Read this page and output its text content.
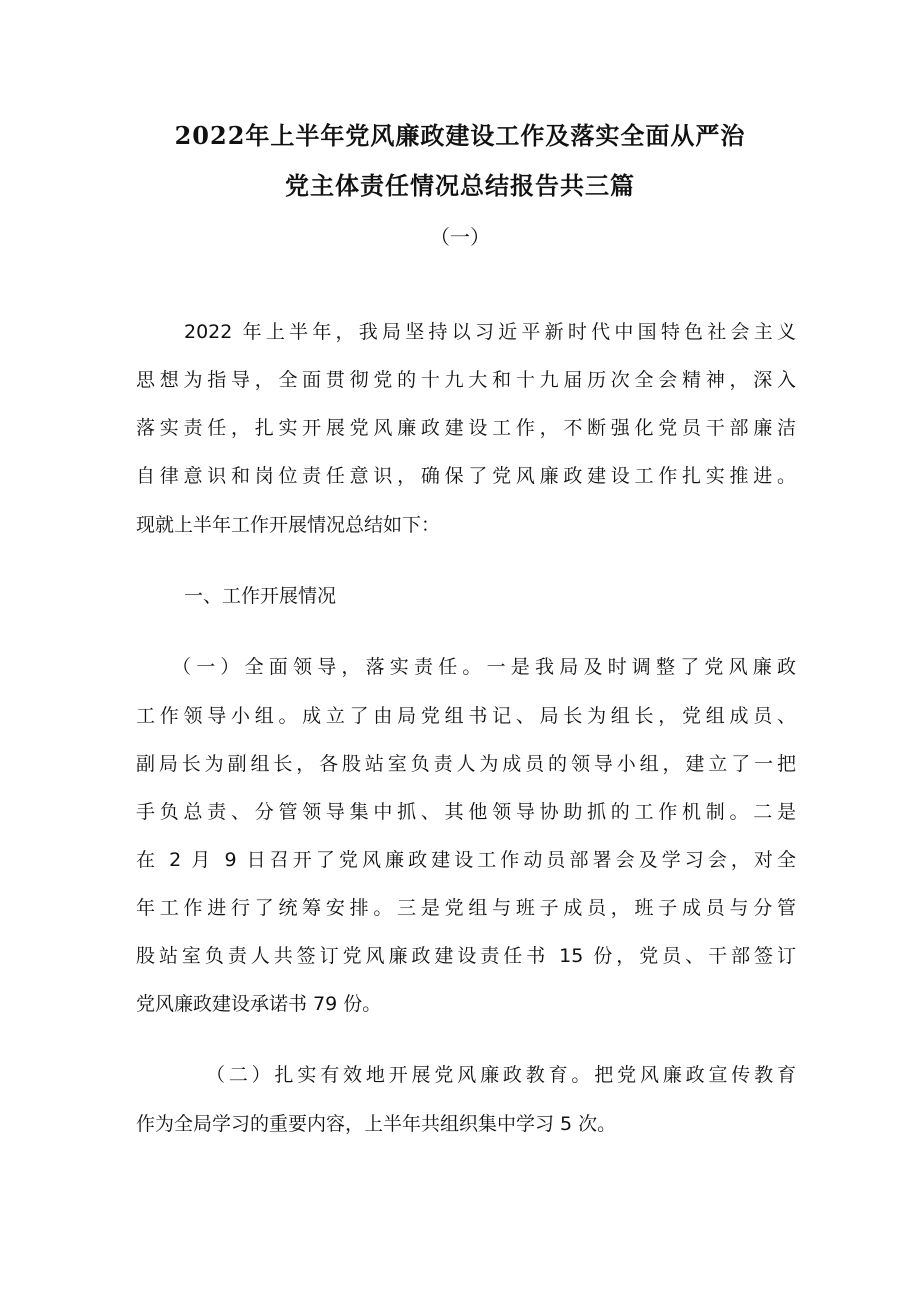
2022年上半年党风廉政建设工作及落实全面从严治
党主体责任情况总结报告共三篇
（一）
2022 年上半年，我局坚持以习近平新时代中国特色社会主义
思想为指导，全面贯彻党的十九大和十九届历次全会精神，深入
落实责任，扎实开展党风廉政建设工作，不断强化党员干部廉洁
自律意识和岗位责任意识，确保了党风廉政建设工作扎实推进。
现就上半年工作开展情况总结如下：
一、工作开展情况
（一）全面领导，落实责任。一是我局及时调整了党风廉政
工作领导小组。成立了由局党组书记、局长为组长，党组成员、
副局长为副组长，各股站室负责人为成员的领导小组，建立了一把
手负总责、分管领导集中抓、其他领导协助抓的工作机制。二是
在 2 月 9 日召开了党风廉政建设工作动员部署会及学习会，对全
年工作进行了统筹安排。三是党组与班子成员，班子成员与分管
股站室负责人共签订党风廉政建设责任书 15 份，党员、干部签订
党风廉政建设承诺书 79 份。
（二）扎实有效地开展党风廉政教育。把党风廉政宣传教育
作为全局学习的重要内容，上半年共组织集中学习 5 次。
